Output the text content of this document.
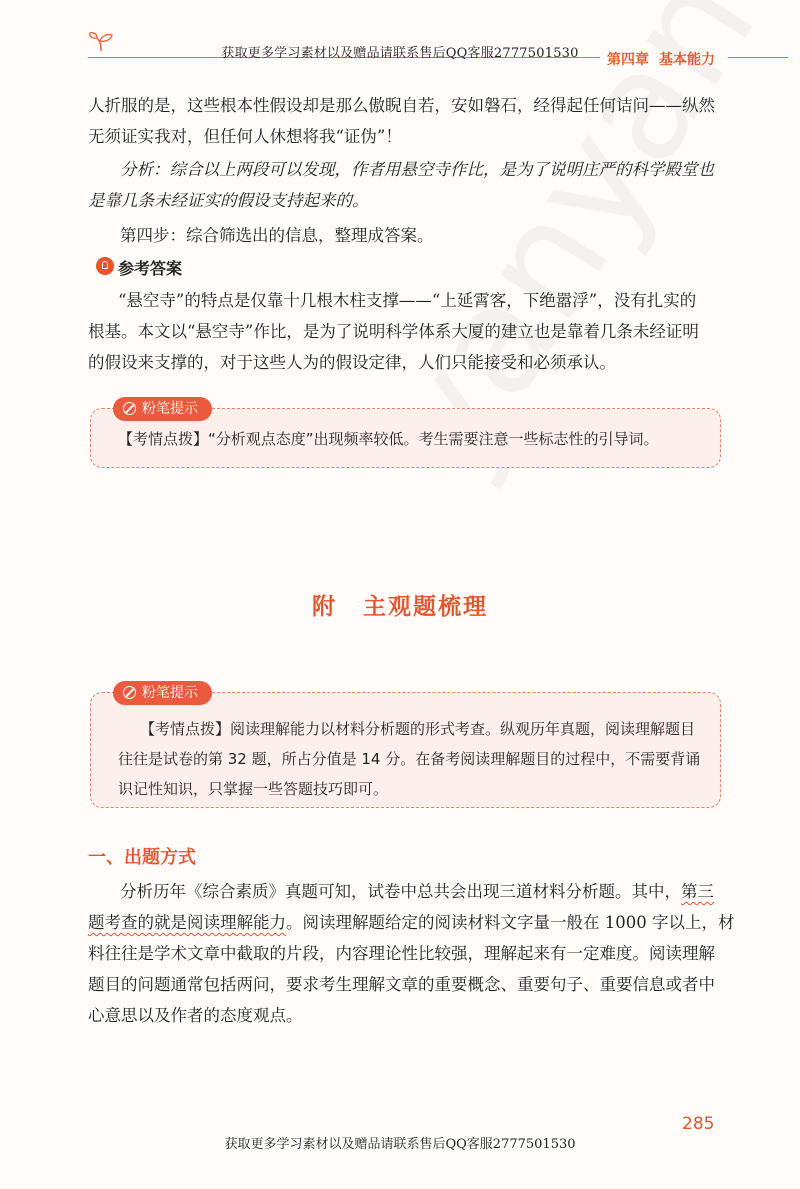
获取更多学习素材以及赠品请联系售后QQ客服2777501530	第四章 基本能力
人折服的是，这些根本性假设却是那么傲睨自若，安如磐石，经得起任何诘问——纵然
无须证实我对，但任何人休想将我“证伪”！
分析：综合以上两段可以发现，作者用悬空寺作比，是为了说明庄严的科学殿堂也
是靠几条未经证实的假设支持起来的。
第四步：综合筛选出的信息，整理成答案。
参考答案
“悬空寺”的特点是仅靠十几根木柱支撑——“上延霄客，下绝嚣浮”，没有扎实的
根基。本文以“悬空寺”作比，是为了说明科学体系大厦的建立也是靠着几条未经证明
的假设来支撑的，对于这些人为的假设定律，人们只能接受和必须承认。
粉笔提示
【考情点拨】“分析观点态度”出现频率较低。考生需要注意一些标志性的引导词。
附 主观题梳理
粉笔提示
【考情点拨】阅读理解能力以材料分析题的形式考查。纵观历年真题，阅读理解题目
往往是试卷的第 32 题，所占分值是 14 分。在备考阅读理解题目的过程中，不需要背诵
识记性知识，只掌握一些答题技巧即可。
一、出题方式
分析历年《综合素质》真题可知，试卷中总共会出现三道材料分析题。其中，第三
题考查的就是阅读理解能力。阅读理解题给定的阅读材料文字量一般在 1000 字以上，材
料往往是学术文章中截取的片段，内容理论性比较强，理解起来有一定难度。阅读理解
题目的问题通常包括两问，要求考生理解文章的重要概念、重要句子、重要信息或者中
心意思以及作者的态度观点。
285
获取更多学习素材以及赠品请联系售后QQ客服2777501530
